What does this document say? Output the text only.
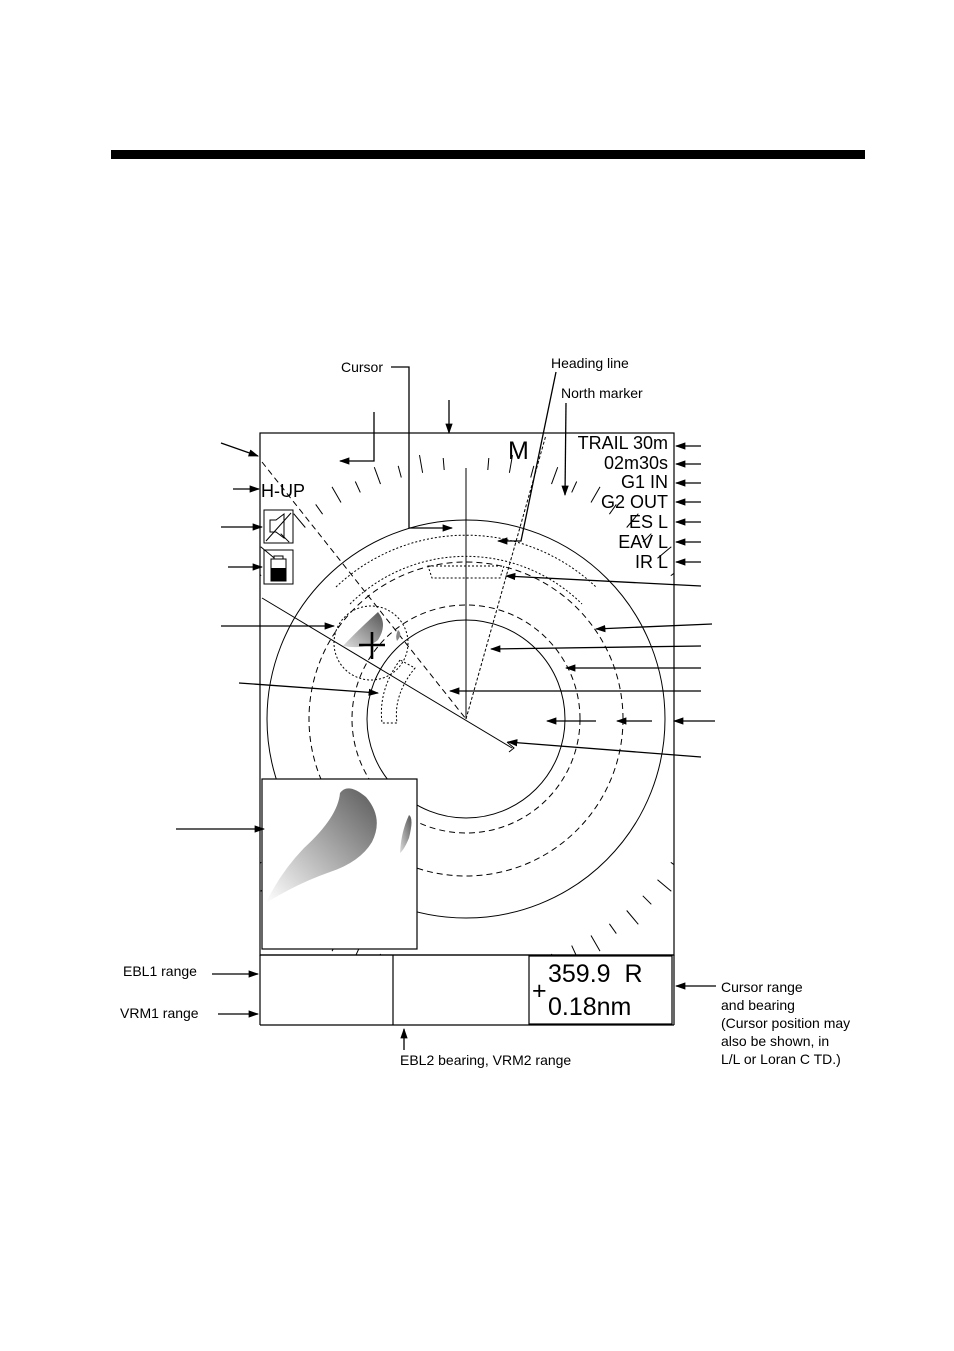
H-UP
M	TRAIL 30m
02m30s
G1 IN
G2 OUT
ES L
EAV L
IR L
+
359.9  R
0.18nm
Cursor	Heading line
North marker
EBL1 range
VRM1 range
EBL2 bearing, VRM2 range
Cursor range
and bearing
(Cursor position may
also be shown, in
L/L or Loran C TD.)
